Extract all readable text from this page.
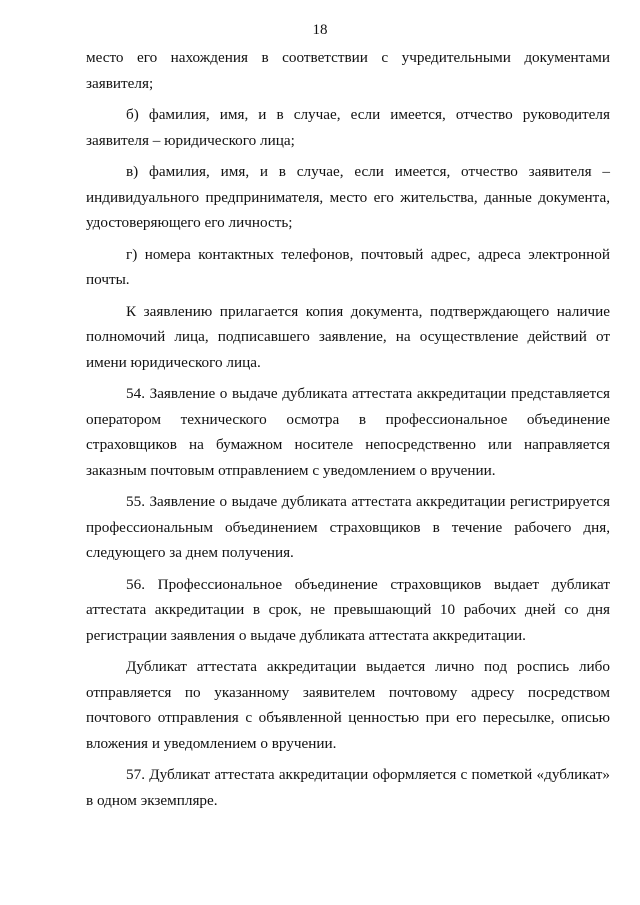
18

место его нахождения в соответствии с учредительными документами заявителя;

б) фамилия, имя, и в случае, если имеется, отчество руководителя заявителя – юридического лица;

в) фамилия, имя, и в случае, если имеется, отчество заявителя – индивидуального предпринимателя, место его жительства, данные документа, удостоверяющего его личность;

г) номера контактных телефонов, почтовый адрес, адреса электронной почты.

К заявлению прилагается копия документа, подтверждающего наличие полномочий лица, подписавшего заявление, на осуществление действий от имени юридического лица.

54. Заявление о выдаче дубликата аттестата аккредитации представляется оператором технического осмотра в профессиональное объединение страховщиков на бумажном носителе непосредственно или направляется заказным почтовым отправлением с уведомлением о вручении.

55. Заявление о выдаче дубликата аттестата аккредитации регистрируется профессиональным объединением страховщиков в течение рабочего дня, следующего за днем получения.

56. Профессиональное объединение страховщиков выдает дубликат аттестата аккредитации в срок, не превышающий 10 рабочих дней со дня регистрации заявления о выдаче дубликата аттестата аккредитации.

Дубликат аттестата аккредитации выдается лично под роспись либо отправляется по указанному заявителем почтовому адресу посредством почтового отправления с объявленной ценностью при его пересылке, описью вложения и уведомлением о вручении.

57. Дубликат аттестата аккредитации оформляется с пометкой «дубликат» в одном экземпляре.
